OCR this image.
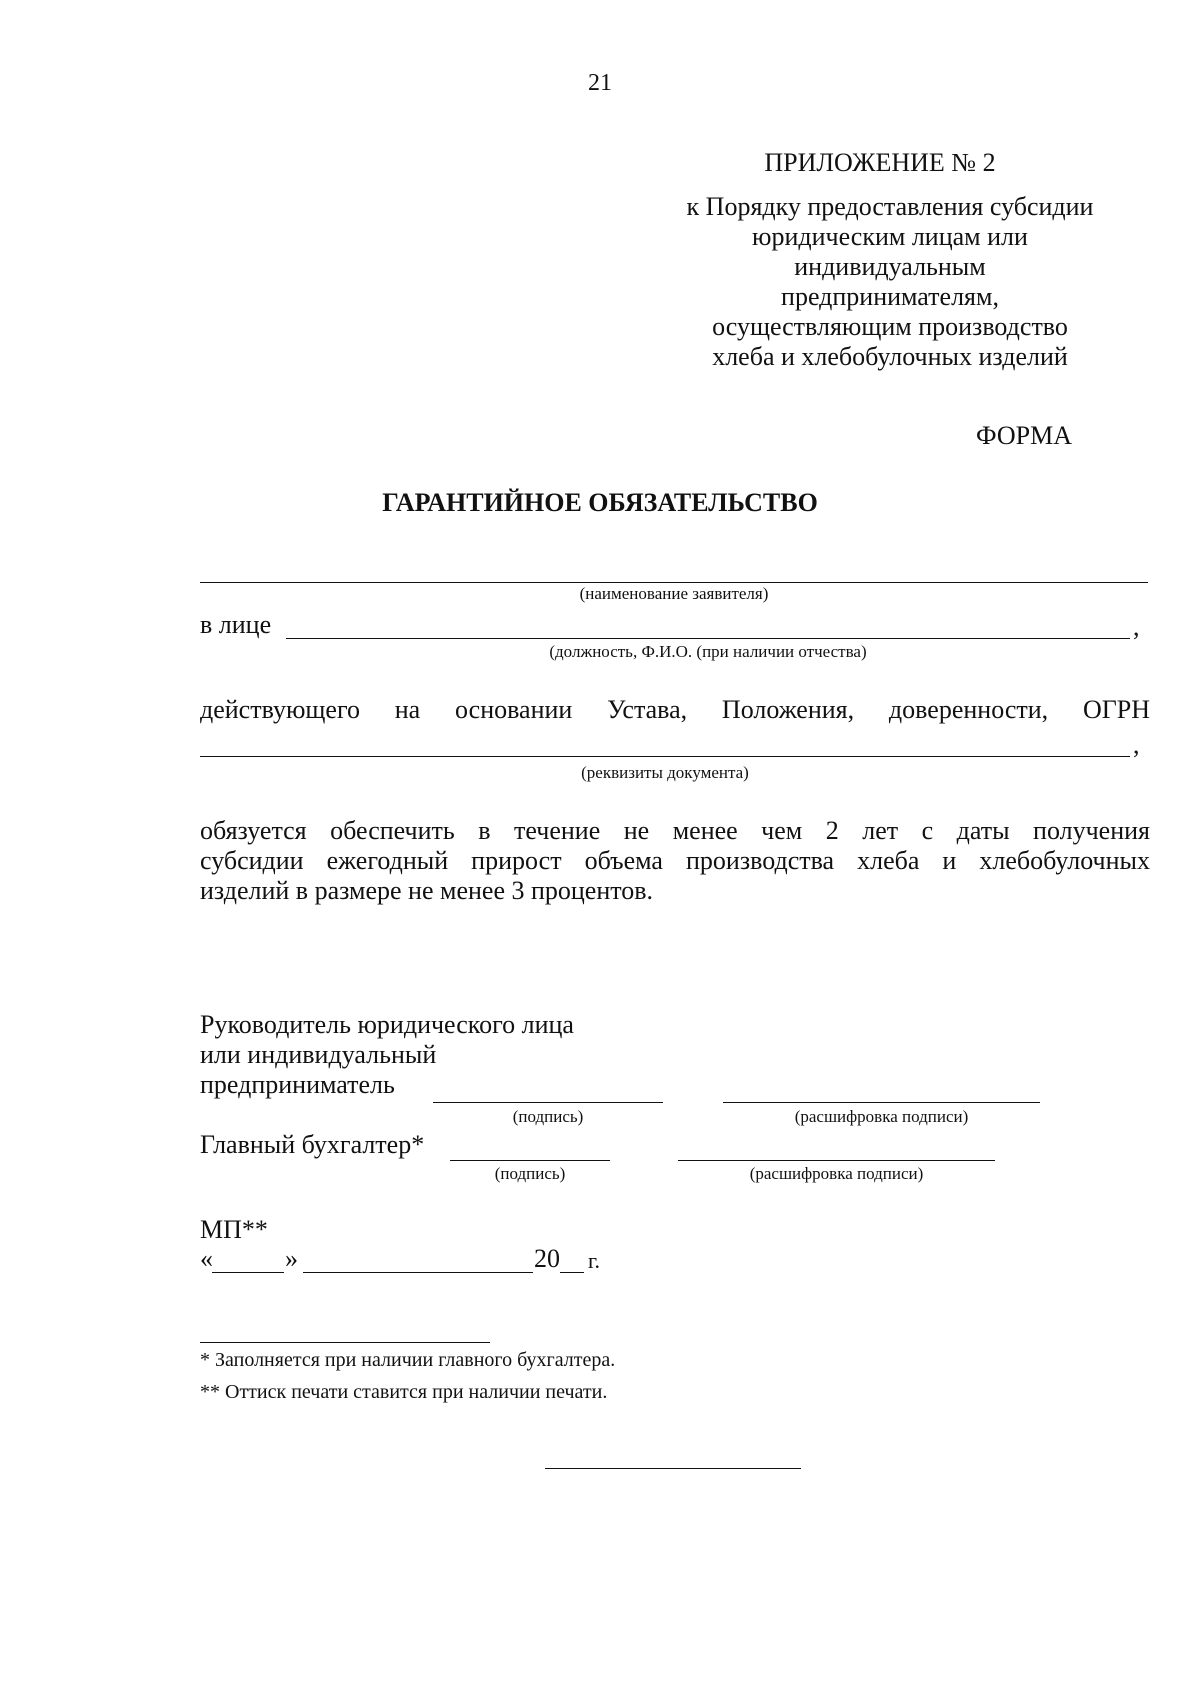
21
ПРИЛОЖЕНИЕ № 2
к Порядку предоставления субсидии
юридическим лицам или
индивидуальным
предпринимателям,
осуществляющим производство
хлеба и хлебобулочных изделий
ФОРМА
ГАРАНТИЙНОЕ ОБЯЗАТЕЛЬСТВО
(наименование заявителя)
в лице	,
(должность, Ф.И.О. (при наличии отчества)
действующего на основании Устава, Положения, доверенности, ОГРН
,
(реквизиты документа)
обязуется обеспечить в течение не менее чем 2 лет с даты получения
субсидии ежегодный прирост объема производства хлеба и хлебобулочных
изделий в размере не менее 3 процентов.
Руководитель юридического лица
или индивидуальный
предприниматель
(подпись)	(расшифровка подписи)
Главный бухгалтер*
(подпись)	(расшифровка подписи)
МП**
«	»	20 г.
* Заполняется при наличии главного бухгалтера.
** Оттиск печати ставится при наличии печати.
